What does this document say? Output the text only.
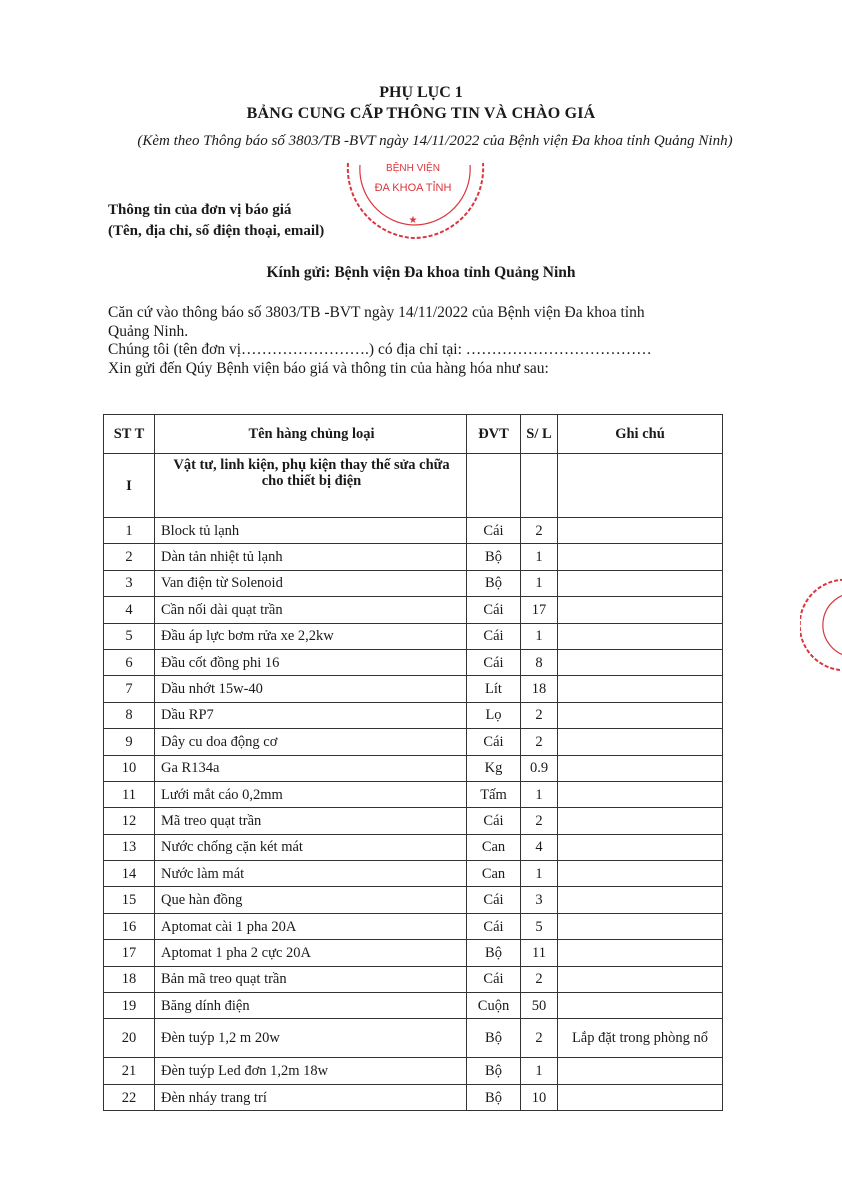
PHỤ LỤC 1
BẢNG CUNG CẤP THÔNG TIN VÀ CHÀO GIÁ
(Kèm theo Thông báo số 3803/TB -BVT ngày 14/11/2022 của Bệnh viện Đa khoa tỉnh Quảng Ninh)
BỆNH VIỆN
ĐA KHOA TỈNH
★
Thông tin của đơn vị báo giá
(Tên, địa chỉ, số điện thoại, email)
Kính gửi: Bệnh viện Đa khoa tỉnh Quảng Ninh
Căn cứ vào thông báo số 3803/TB -BVT ngày 14/11/2022 của Bệnh viện Đa khoa tỉnh
Quảng Ninh.
Chúng tôi (tên đơn vị…………………….) có địa chỉ tại: ………………………………
Xin gửi đến Qúy Bệnh viện báo giá và thông tin của hàng hóa như sau:
ST T	Tên hàng chủng loại	ĐVT	S/ L	Ghi chú
I	Vật tư, linh kiện, phụ kiện thay thế sửa chữa cho thiết bị điện			
1	Block tủ lạnh	Cái	2	
2	Dàn tản nhiệt tủ lạnh	Bộ	1	
3	Van điện từ Solenoid	Bộ	1	
4	Cần nối dài quạt trần	Cái	17	
5	Đầu áp lực bơm rửa xe 2,2kw	Cái	1	
6	Đầu cốt đồng phi 16	Cái	8	
7	Dầu nhớt 15w-40	Lít	18	
8	Dầu RP7	Lọ	2	
9	Dây cu doa động cơ	Cái	2	
10	Ga R134a	Kg	0.9	
11	Lưới mắt cáo 0,2mm	Tấm	1	
12	Mã treo quạt trần	Cái	2	
13	Nước chống cặn két mát	Can	4	
14	Nước làm mát	Can	1	
15	Que hàn đồng	Cái	3	
16	Aptomat cài 1 pha 20A	Cái	5	
17	Aptomat 1 pha 2 cực 20A	Bộ	11	
18	Bản mã treo quạt trần	Cái	2	
19	Băng dính điện	Cuộn	50	
20	Đèn tuýp 1,2 m 20w	Bộ	2	Lắp đặt trong phòng nổ
21	Đèn tuýp Led đơn 1,2m 18w	Bộ	1	
22	Đèn nháy trang trí	Bộ	10	
